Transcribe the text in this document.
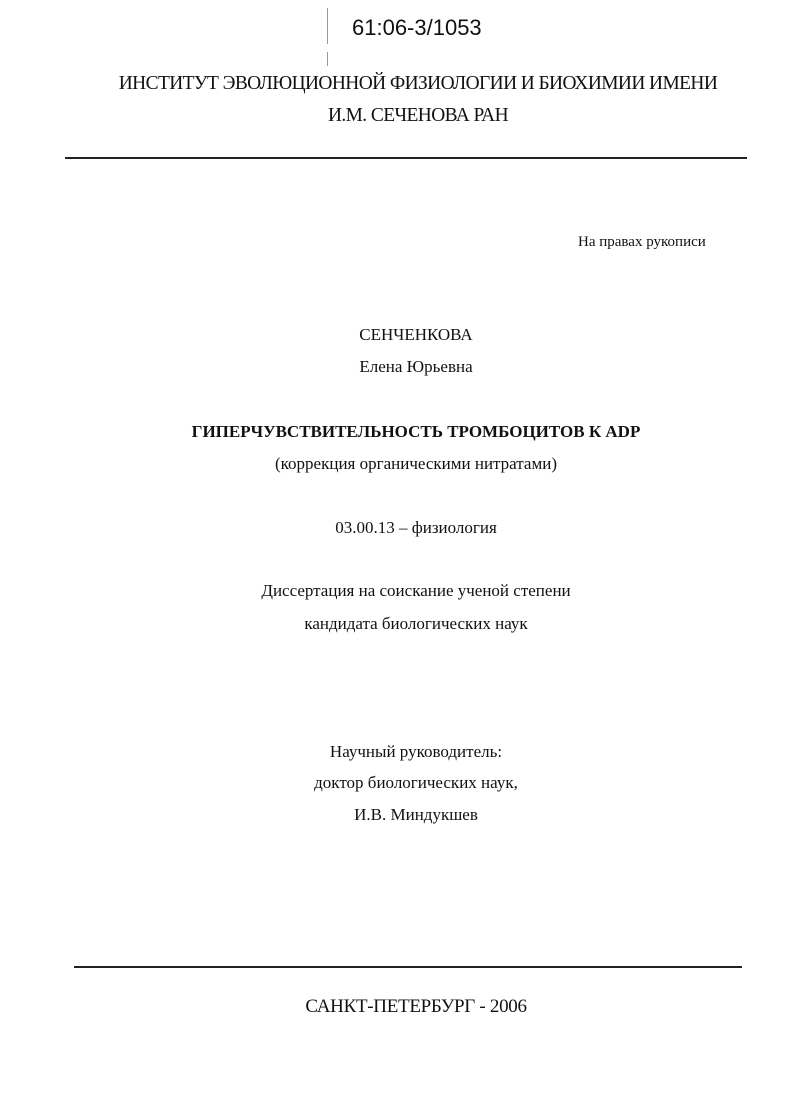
61:06-3/1053
ИНСТИТУТ ЭВОЛЮЦИОННОЙ ФИЗИОЛОГИИ И БИОХИМИИ ИМЕНИ
И.М. СЕЧЕНОВА РАН
На правах рукописи
СЕНЧЕНКОВА
Елена Юрьевна
ГИПЕРЧУВСТВИТЕЛЬНОСТЬ ТРОМБОЦИТОВ К ADP
(коррекция органическими нитратами)
03.00.13 – физиология
Диссертация на соискание ученой степени
кандидата биологических наук
Научный руководитель:
доктор биологических наук,
И.В. Миндукшев
САНКТ-ПЕТЕРБУРГ - 2006
